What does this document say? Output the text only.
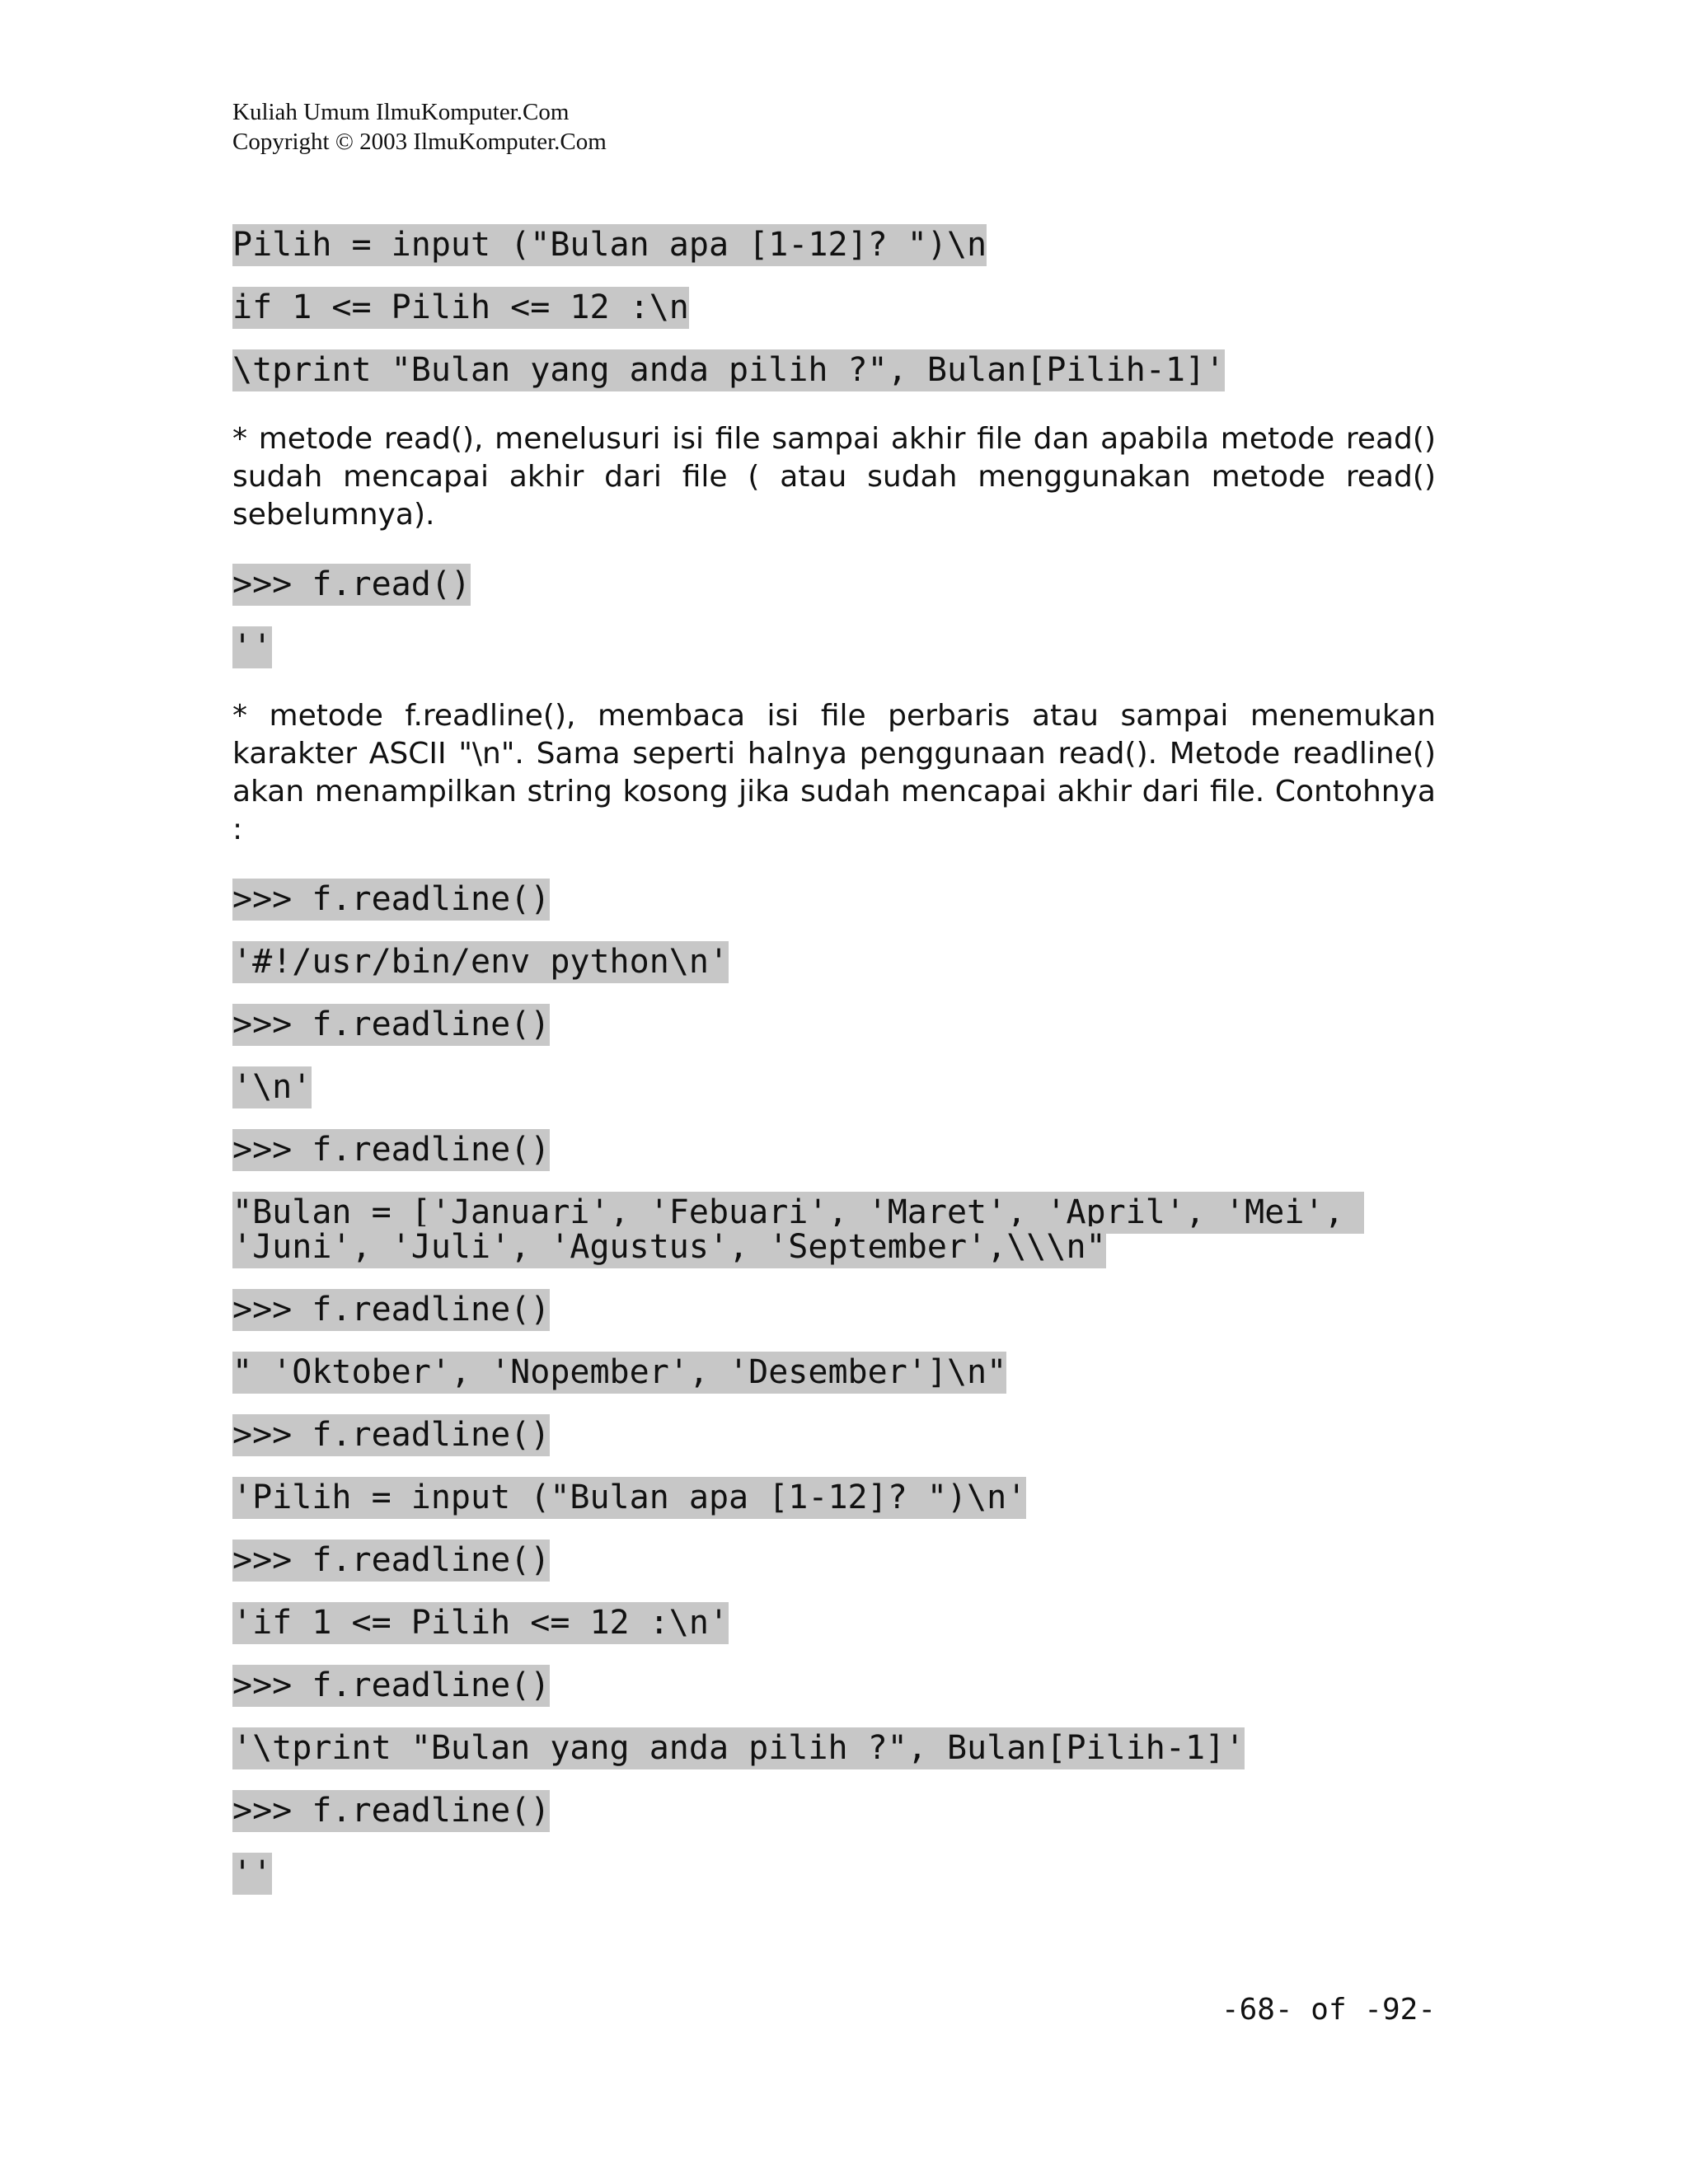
Kuliah Umum IlmuKomputer.Com
Copyright © 2003 IlmuKomputer.Com
Pilih = input ("Bulan apa [1-12]? ")\n
if 1 <= Pilih <= 12 :\n
\tprint "Bulan yang anda pilih ?", Bulan[Pilih-1]'

* metode read(), menelusuri isi file sampai akhir file dan apabila metode read() sudah mencapai akhir dari file ( atau sudah menggunakan metode read() sebelumnya).

>>> f.read()
''

* metode f.readline(), membaca isi file perbaris atau sampai menemukan karakter ASCII "\n". Sama seperti halnya penggunaan read(). Metode readline() akan menampilkan string kosong jika sudah mencapai akhir dari file. Contohnya :

>>> f.readline()
'#!/usr/bin/env python\n'
>>> f.readline()
'\n'
>>> f.readline()
"Bulan = ['Januari', 'Febuari', 'Maret', 'April', 'Mei', 'Juni', 'Juli', 'Agustus', 'September',\\\n"
>>> f.readline()
" 'Oktober', 'Nopember', 'Desember']\n"
>>> f.readline()
'Pilih = input ("Bulan apa [1-12]? ")\n'
>>> f.readline()
'if 1 <= Pilih <= 12 :\n'
>>> f.readline()
'\tprint "Bulan yang anda pilih ?", Bulan[Pilih-1]'
>>> f.readline()
''
-68- of -92-
